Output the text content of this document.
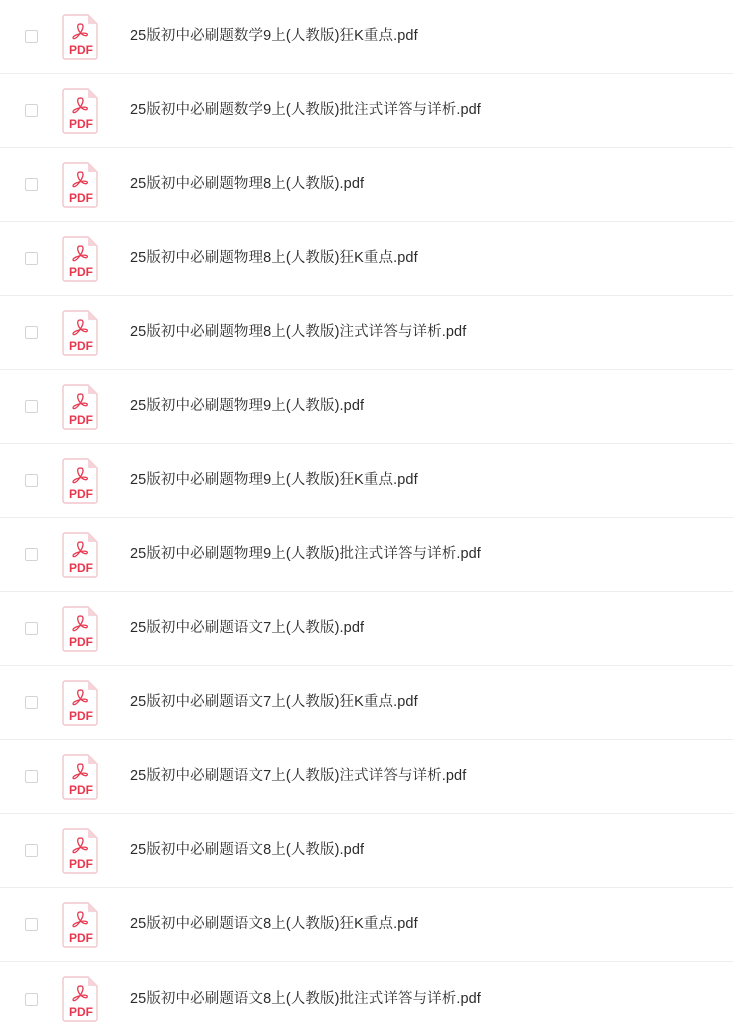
PDF
25版初中必刷题数学9上(人教版)狂K重点.pdf
PDF
25版初中必刷题数学9上(人教版)批注式详答与详析.pdf
PDF
25版初中必刷题物理8上(人教版).pdf
PDF
25版初中必刷题物理8上(人教版)狂K重点.pdf
PDF
25版初中必刷题物理8上(人教版)注式详答与详析.pdf
PDF
25版初中必刷题物理9上(人教版).pdf
PDF
25版初中必刷题物理9上(人教版)狂K重点.pdf
PDF
25版初中必刷题物理9上(人教版)批注式详答与详析.pdf
PDF
25版初中必刷题语文7上(人教版).pdf
PDF
25版初中必刷题语文7上(人教版)狂K重点.pdf
PDF
25版初中必刷题语文7上(人教版)注式详答与详析.pdf
PDF
25版初中必刷题语文8上(人教版).pdf
PDF
25版初中必刷题语文8上(人教版)狂K重点.pdf
PDF
25版初中必刷题语文8上(人教版)批注式详答与详析.pdf
